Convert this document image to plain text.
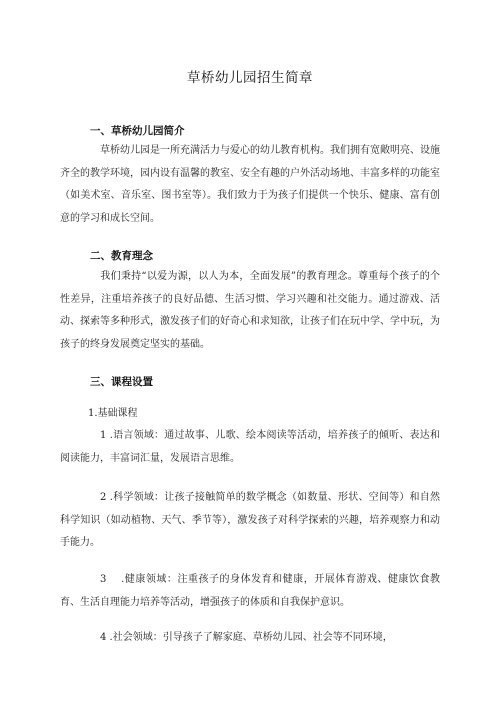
草桥幼儿园招生简章
一、草桥幼儿园简介
草桥幼儿园是一所充满活力与爱心的幼儿教育机构。我们拥有宽敞明亮、设施齐全的教学环境，园内设有温馨的教室、安全有趣的户外活动场地、丰富多样的功能室（如美术室、音乐室、图书室等）。我们致力于为孩子们提供一个快乐、健康、富有创意的学习和成长空间。
二、教育理念
我们秉持“以爱为源，以人为本，全面发展”的教育理念。尊重每个孩子的个性差异，注重培养孩子的良好品德、生活习惯、学习兴趣和社交能力。通过游戏、活动、探索等多种形式，激发孩子们的好奇心和求知欲，让孩子们在玩中学、学中玩，为孩子的终身发展奠定坚实的基础。
三、课程设置
1.基础课程
1 .语言领域：通过故事、儿歌、绘本阅读等活动，培养孩子的倾听、表达和阅读能力，丰富词汇量，发展语言思维。
2 .科学领域：让孩子接触简单的数学概念（如数量、形状、空间等）和自然科学知识（如动植物、天气、季节等），激发孩子对科学探索的兴趣，培养观察力和动手能力。
3　 .健康领域：注重孩子的身体发育和健康，开展体育游戏、健康饮食教育、生活自理能力培养等活动，增强孩子的体质和自我保护意识。
4 .社会领域：引导孩子了解家庭、草桥幼儿园、社会等不同环境，
